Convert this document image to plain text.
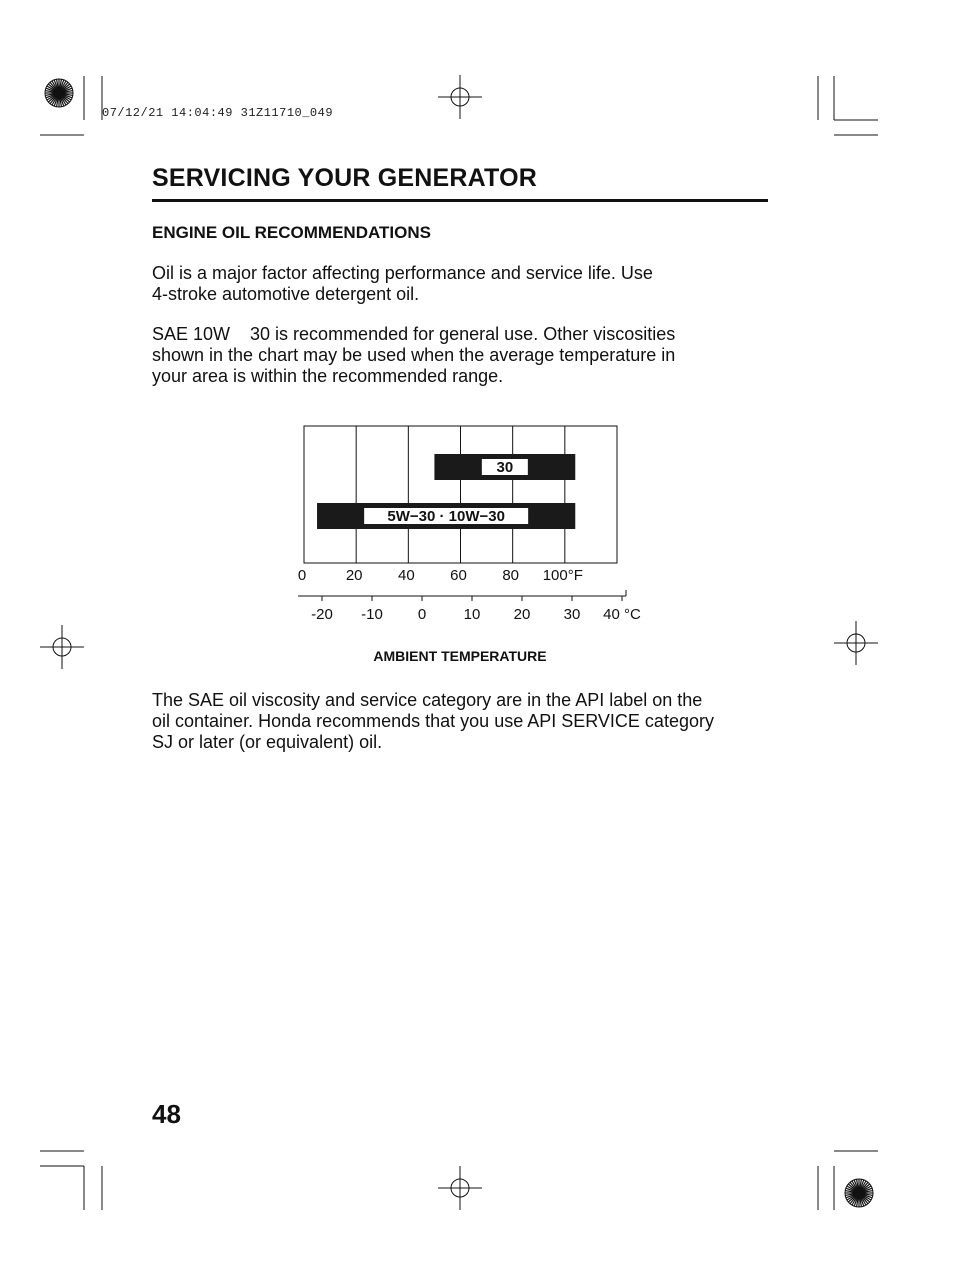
07/12/21 14:04:49 31Z11710_049
SERVICING YOUR GENERATOR
ENGINE OIL RECOMMENDATIONS
Oil is a major factor affecting performance and service life. Use
4-stroke automotive detergent oil.
SAE 10W    30 is recommended for general use. Other viscosities
shown in the chart may be used when the average temperature in
your area is within the recommended range.
30
5W−30 · 10W−30
0	20 40 60 80 100°F
-20 -10 0 10 20 30 40 °C
AMBIENT TEMPERATURE
The SAE oil viscosity and service category are in the API label on the
oil container. Honda recommends that you use API SERVICE category
SJ or later (or equivalent) oil.
48
